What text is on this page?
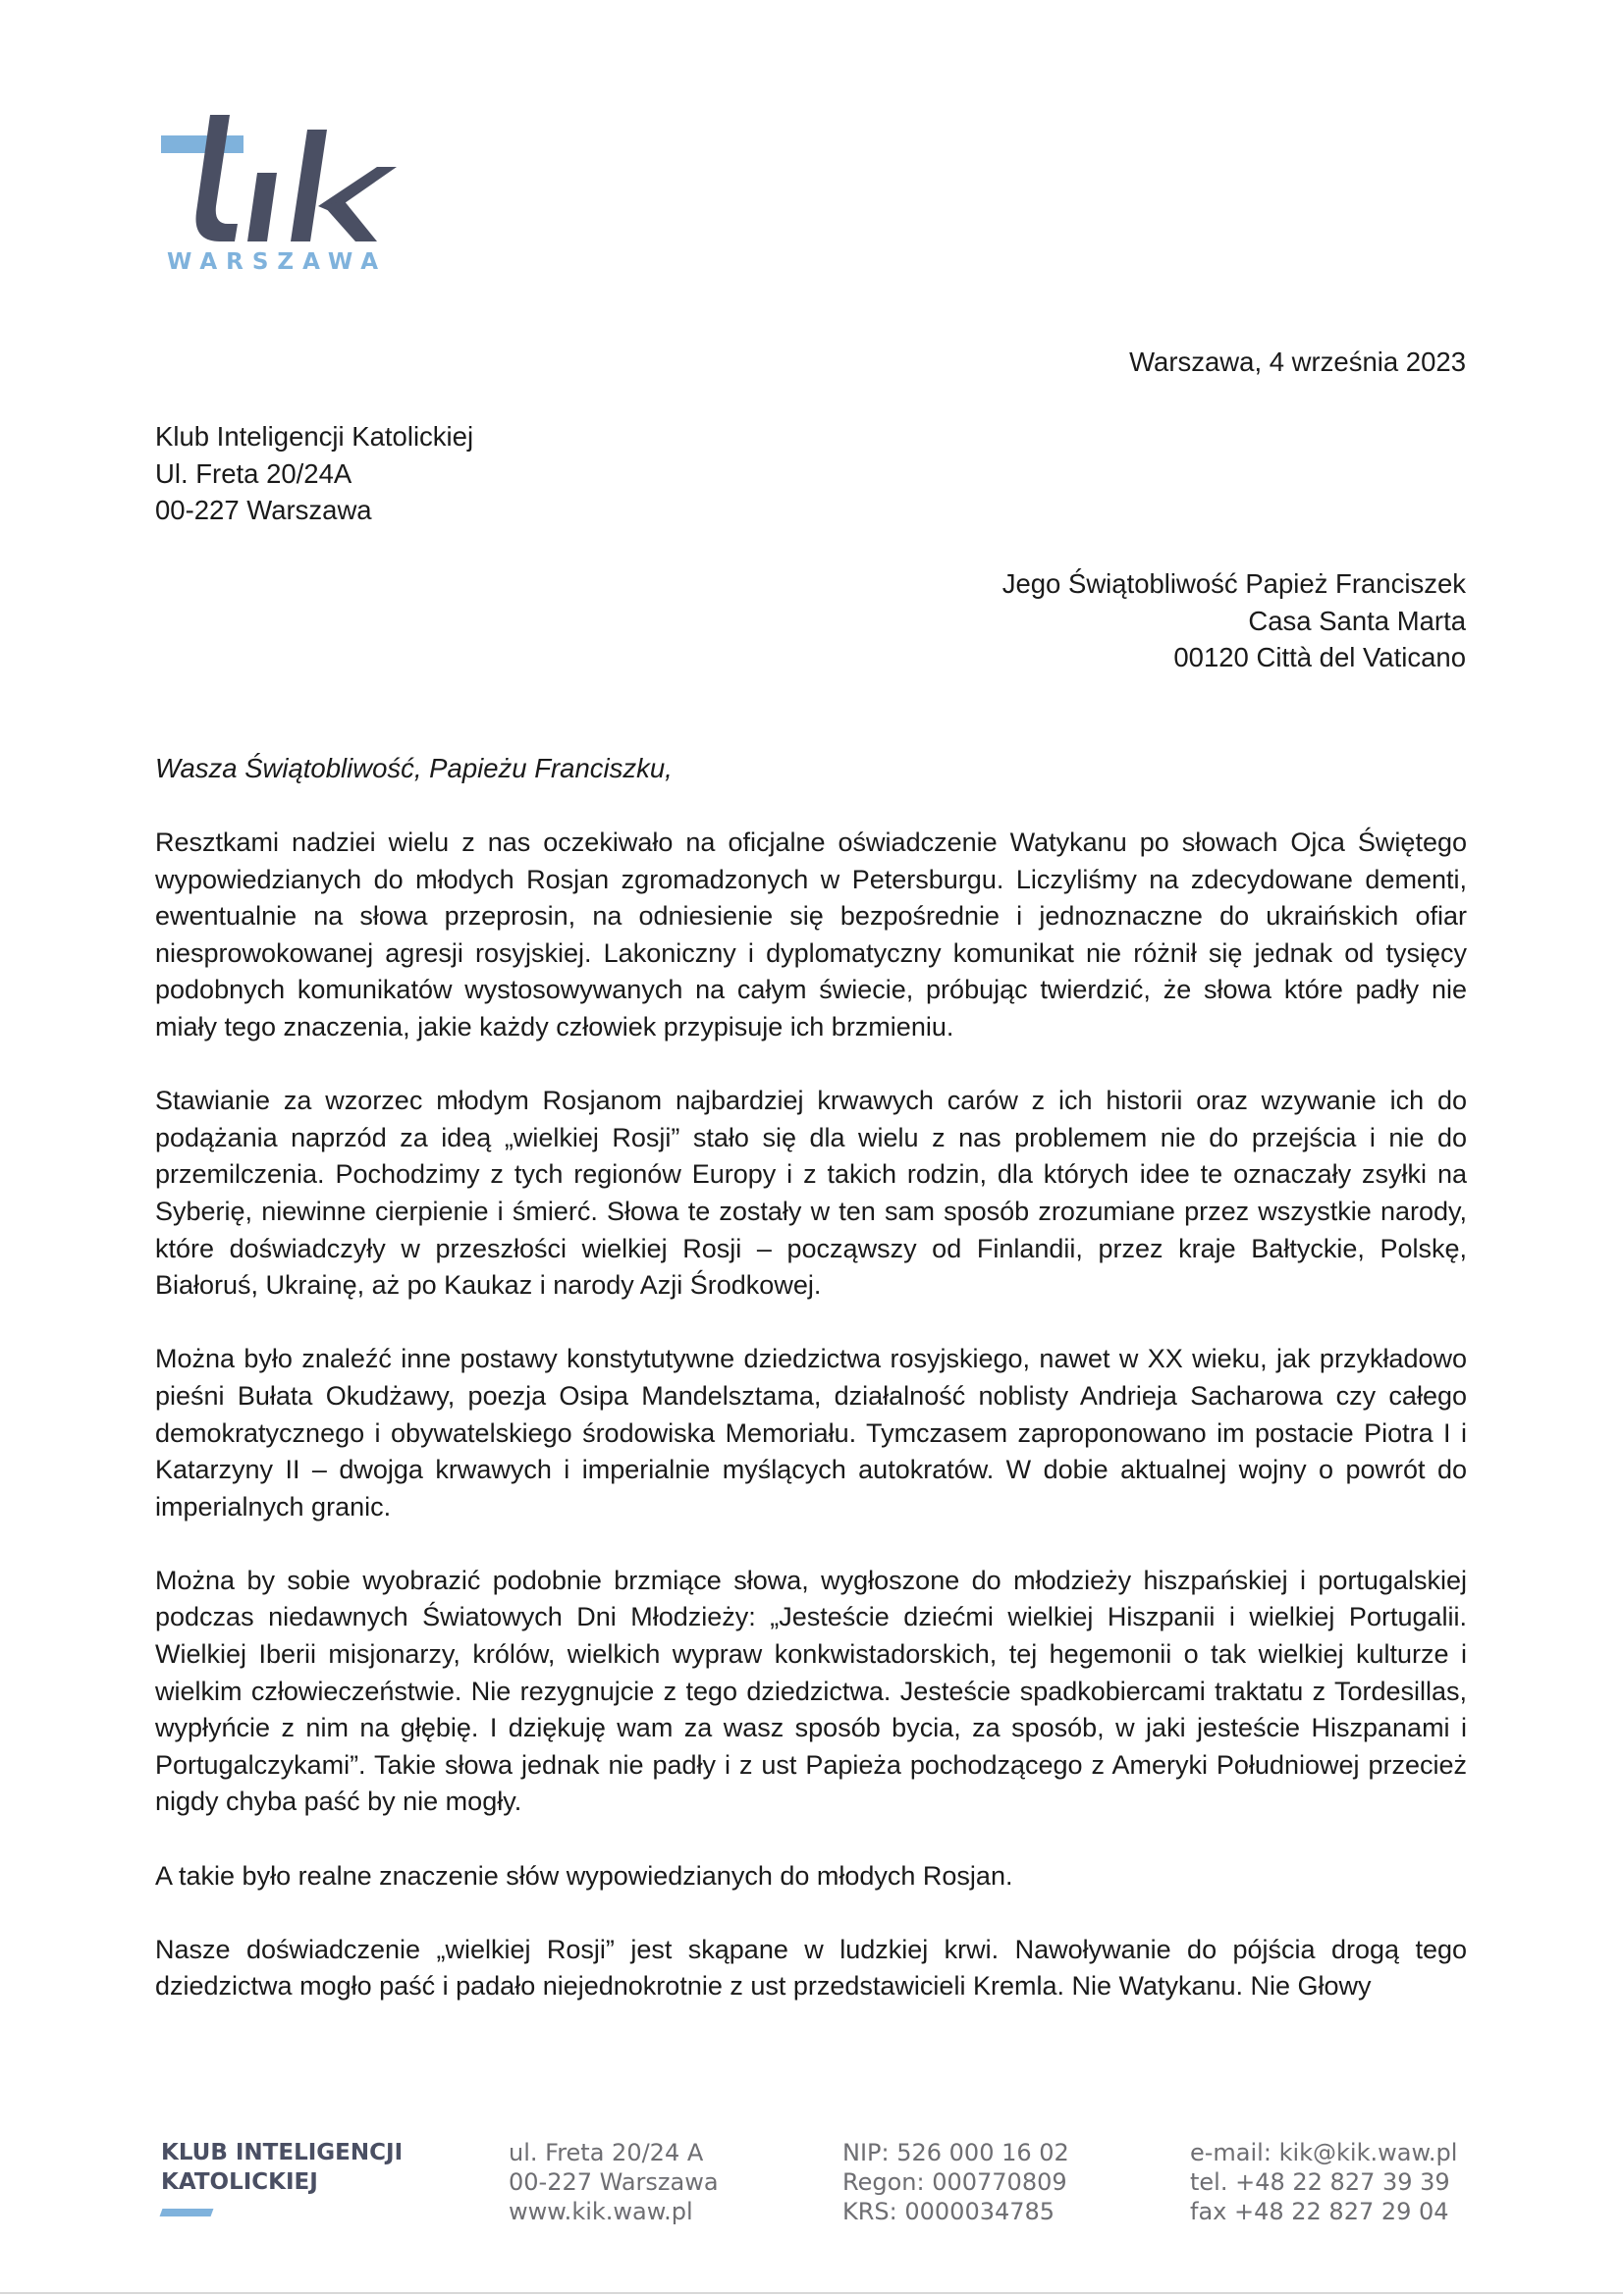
WARSZAWA
Warszawa, 4 września 2023
Klub Inteligencji Katolickiej
Ul. Freta 20/24A
00-227 Warszawa
Jego Świątobliwość Papież Franciszek
Casa Santa Marta
00120 Città del Vaticano
Wasza Świątobliwość, Papieżu Franciszku,

Resztkami nadziei wielu z nas oczekiwało na oficjalne oświadczenie Watykanu po słowach Ojca Świętego wypowiedzianych do młodych Rosjan zgromadzonych w Petersburgu. Liczyliśmy na zdecydowane dementi, ewentualnie na słowa przeprosin, na odniesienie się bezpośrednie i jednoznaczne do ukraińskich ofiar niesprowokowanej agresji rosyjskiej. Lakoniczny i dyplomatyczny komunikat nie różnił się jednak od tysięcy podobnych komunikatów wystosowywanych na całym świecie, próbując twierdzić, że słowa które padły nie miały tego znaczenia, jakie każdy człowiek przypisuje ich brzmieniu.

Stawianie za wzorzec młodym Rosjanom najbardziej krwawych carów z ich historii oraz wzywanie ich do podążania naprzód za ideą „wielkiej Rosji” stało się dla wielu z nas problemem nie do przejścia i nie do przemilczenia. Pochodzimy z tych regionów Europy i z takich rodzin, dla których idee te oznaczały zsyłki na Syberię, niewinne cierpienie i śmierć. Słowa te zostały w ten sam sposób zrozumiane przez wszystkie narody, które doświadczyły w przeszłości wielkiej Rosji – począwszy od Finlandii, przez kraje Bałtyckie, Polskę, Białoruś, Ukrainę, aż po Kaukaz i narody Azji Środkowej.

Można było znaleźć inne postawy konstytutywne dziedzictwa rosyjskiego, nawet w XX wieku, jak przykładowo pieśni Bułata Okudżawy, poezja Osipa Mandelsztama, działalność noblisty Andrieja Sacharowa czy całego demokratycznego i obywatelskiego środowiska Memoriału. Tymczasem zaproponowano im postacie Piotra I i Katarzyny II – dwojga krwawych i imperialnie myślących autokratów. W dobie aktualnej wojny o powrót do imperialnych granic.

Można by sobie wyobrazić podobnie brzmiące słowa, wygłoszone do młodzieży hiszpańskiej i portugalskiej podczas niedawnych Światowych Dni Młodzieży: „Jesteście dziećmi wielkiej Hiszpanii i wielkiej Portugalii. Wielkiej Iberii misjonarzy, królów, wielkich wypraw konkwistadorskich, tej hegemonii o tak wielkiej kulturze i wielkim człowieczeństwie. Nie rezygnujcie z tego dziedzictwa. Jesteście spadkobiercami traktatu z Tordesillas, wypłyńcie z nim na głębię. I dziękuję wam za wasz sposób bycia, za sposób, w jaki jesteście Hiszpanami i Portugalczykami”. Takie słowa jednak nie padły i z ust Papieża pochodzącego z Ameryki Południowej przecież nigdy chyba paść by nie mogły.

A takie było realne znaczenie słów wypowiedzianych do młodych Rosjan.

Nasze doświadczenie „wielkiej Rosji” jest skąpane w ludzkiej krwi. Nawoływanie do pójścia drogą tego dziedzictwa mogło paść i padało niejednokrotnie z ust przedstawicieli Kremla. Nie Watykanu. Nie Głowy

KLUB INTELIGENCJI
KATOLICKIEJ
ul. Freta 20/24 A
00-227 Warszawa
www.kik.waw.pl
NIP: 526 000 16 02
Regon: 000770809
KRS: 0000034785
e-mail: kik@kik.waw.pl
tel. +48 22 827 39 39
fax +48 22 827 29 04
